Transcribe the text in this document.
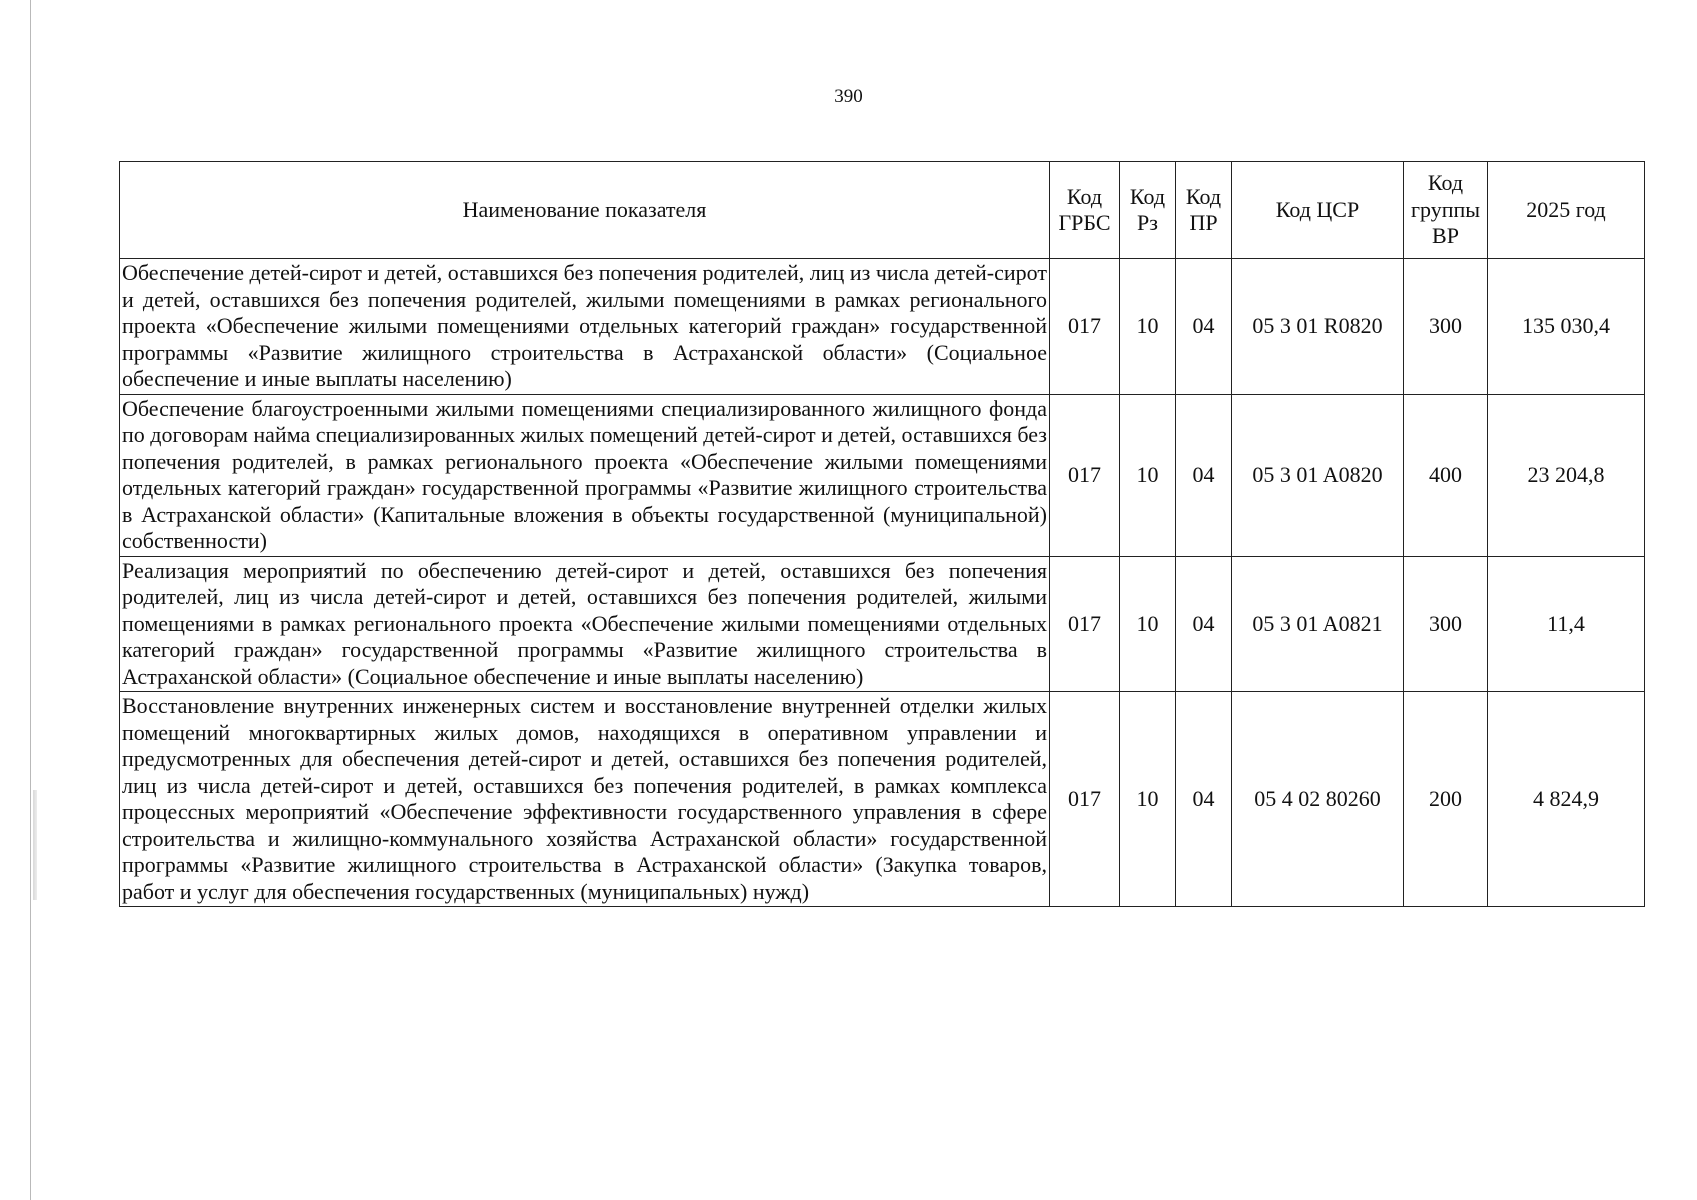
390
Наименование показателя	Код ГРБС	Код Рз	Код ПР	Код ЦСР	Код группы ВР	2025 год
Обеспечение детей-сирот и детей, оставшихся без попечения родителей, лиц из числа детей-сирот и детей, оставшихся без попечения родителей, жилыми помещениями в рамках регионального проекта «Обеспечение жилыми помещениями отдельных категорий граждан» государственной программы «Развитие жилищного строительства в Астраханской области» (Социальное обеспечение и иные выплаты населению)	017	10	04	05 3 01 R0820	300	135 030,4
Обеспечение благоустроенными жилыми помещениями специализированного жилищного фонда по договорам найма специализированных жилых помещений детей-сирот и детей, оставшихся без попечения родителей, в рамках регионального проекта «Обеспечение жилыми помещениями отдельных категорий граждан» государственной программы «Развитие жилищного строительства в Астраханской области» (Капитальные вложения в объекты государственной (муниципальной) собственности)	017	10	04	05 3 01 A0820	400	23 204,8
Реализация мероприятий по обеспечению детей-сирот и детей, оставшихся без попечения родителей, лиц из числа детей-сирот и детей, оставшихся без попечения родителей, жилыми помещениями в рамках регионального проекта «Обеспечение жилыми помещениями отдельных категорий граждан» государственной программы «Развитие жилищного строительства в Астраханской области» (Социальное обеспечение и иные выплаты населению)	017	10	04	05 3 01 A0821	300	11,4
Восстановление внутренних инженерных систем и восстановление внутренней отделки жилых помещений многоквартирных жилых домов, находящихся в оперативном управлении и предусмотренных для обеспечения детей-сирот и детей, оставшихся без попечения родителей, лиц из числа детей-сирот и детей, оставшихся без попечения родителей, в рамках комплекса процессных мероприятий «Обеспечение эффективности государственного управления в сфере строительства и жилищно-коммунального хозяйства Астраханской области» государственной программы «Развитие жилищного строительства в Астраханской области» (Закупка товаров, работ и услуг для обеспечения государственных (муниципальных) нужд)	017	10	04	05 4 02 80260	200	4 824,9
